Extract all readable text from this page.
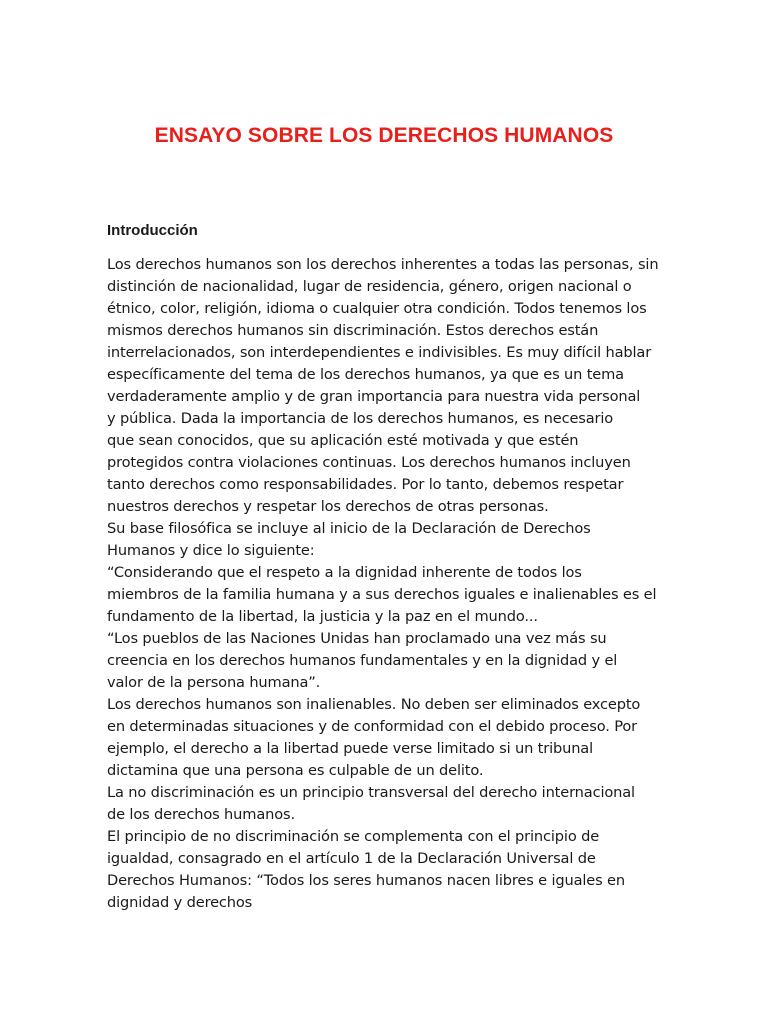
ENSAYO SOBRE LOS DERECHOS HUMANOS
Introducción
Los derechos humanos son los derechos inherentes a todas las personas, sin
distinción de nacionalidad, lugar de residencia, género, origen nacional o
étnico, color, religión, idioma o cualquier otra condición. Todos tenemos los
mismos derechos humanos sin discriminación. Estos derechos están
interrelacionados, son interdependientes e indivisibles. Es muy difícil hablar
específicamente del tema de los derechos humanos, ya que es un tema
verdaderamente amplio y de gran importancia para nuestra vida personal
y pública. Dada la importancia de los derechos humanos, es necesario
que sean conocidos, que su aplicación esté motivada y que estén
protegidos contra violaciones continuas. Los derechos humanos incluyen
tanto derechos como responsabilidades. Por lo tanto, debemos respetar
nuestros derechos y respetar los derechos de otras personas.
Su base filosófica se incluye al inicio de la Declaración de Derechos
Humanos y dice lo siguiente:
“Considerando que el respeto a la dignidad inherente de todos los
miembros de la familia humana y a sus derechos iguales e inalienables es el
fundamento de la libertad, la justicia y la paz en el mundo...
“Los pueblos de las Naciones Unidas han proclamado una vez más su
creencia en los derechos humanos fundamentales y en la dignidad y el
valor de la persona humana”.
Los derechos humanos son inalienables. No deben ser eliminados excepto
en determinadas situaciones y de conformidad con el debido proceso. Por
ejemplo, el derecho a la libertad puede verse limitado si un tribunal
dictamina que una persona es culpable de un delito.
La no discriminación es un principio transversal del derecho internacional
de los derechos humanos.
El principio de no discriminación se complementa con el principio de
igualdad, consagrado en el artículo 1 de la Declaración Universal de
Derechos Humanos: “Todos los seres humanos nacen libres e iguales en
dignidad y derechos
